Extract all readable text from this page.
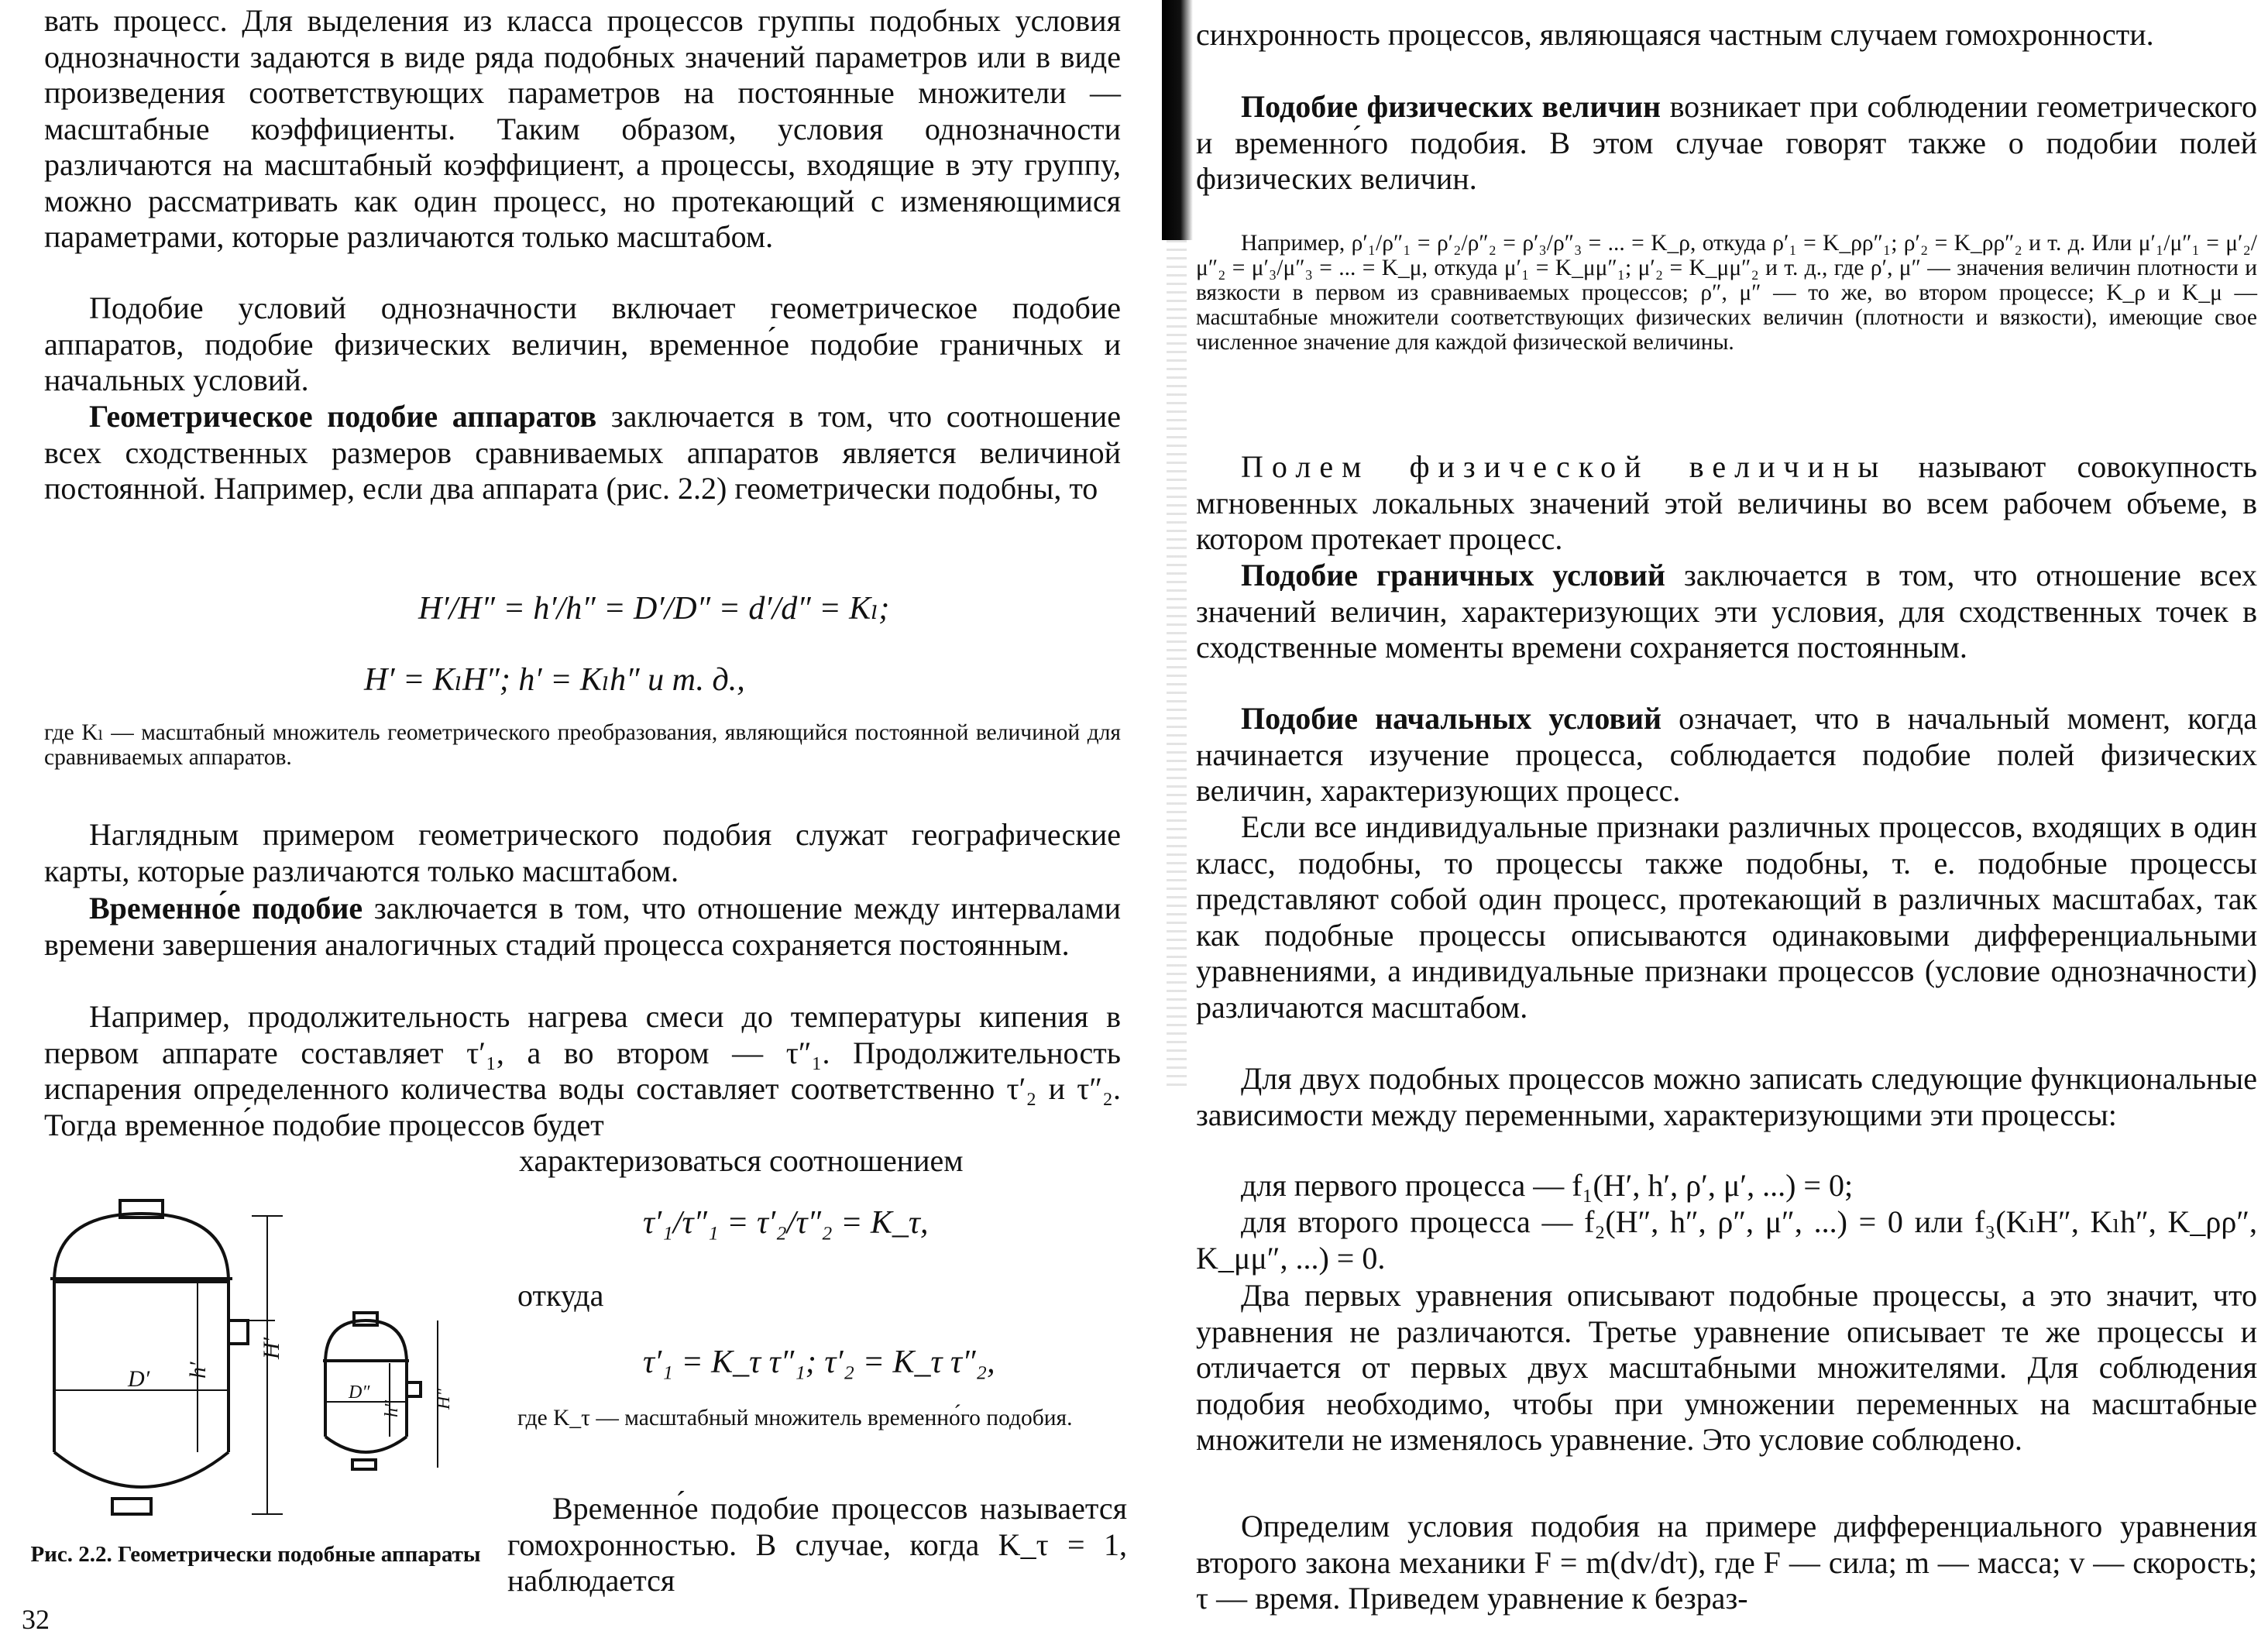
вать процесс. Для выделения из класса процессов группы подобных условия однозначности задаются в виде ряда подобных значений параметров или в виде произведения соответствующих параметров на постоянные множители — масштабные коэффициенты. Таким образом, условия однозначности различаются на масштабный коэффициент, а процессы, входящие в эту группу, можно рассматривать как один процесс, но протекающий с изменяющимися параметрами, которые различаются только масштабом.

Подобие условий однозначности включает геометрическое подобие аппаратов, подобие физических величин, временно́е подобие граничных и начальных условий.

Геометрическое подобие аппаратов заключается в том, что соотношение всех сходственных размеров сравниваемых аппаратов является величиной постоянной. Например, если два аппарата (рис. 2.2) геометрически подобны, то

H′/H″ = h′/h″ = D′/D″ = d′/d″ = Kₗ;
H′ = KₗH″; h′ = Kₗh″ и т. д.,

где Kₗ — масштабный множитель геометрического преобразования, являющийся постоянной величиной для сравниваемых аппаратов.

Наглядным примером геометрического подобия служат географические карты, которые различаются только масштабом.

Временно́е подобие заключается в том, что отношение между интервалами времени завершения аналогичных стадий процесса сохраняется постоянным.

Например, продолжительность нагрева смеси до температуры кипения в первом аппарате составляет τ′₁, а во втором — τ″₁. Продолжительность испарения определенного количества воды составляет соответственно τ′₂ и τ″₂. Тогда временно́е подобие процессов будет

характеризоваться соотношением

τ′₁/τ″₁ = τ′₂/τ″₂ = K_τ,
откуда
τ′₁ = K_τ τ″₁; τ′₂ = K_τ τ″₂,

где K_τ — масштабный множитель временно́го подобия.

Временно́е подобие процессов называется гомохронностью. В случае, когда K_τ = 1, наблюдается

D′ h′
H′
D″
h″ H″
Рис. 2.2. Геометрически подобные аппараты
32

синхронность процессов, являющаяся частным случаем гомохронности.

Подобие физических величин возникает при соблюдении геометрического и временно́го подобия. В этом случае говорят также о подобии полей физических величин.

Например, ρ′₁/ρ″₁ = ρ′₂/ρ″₂ = ρ′₃/ρ″₃ = ... = K_ρ, откуда ρ′₁ = K_ρρ″₁; ρ′₂ = K_ρρ″₂ и т. д. Или μ′₁/μ″₁ = μ′₂/μ″₂ = μ′₃/μ″₃ = ... = K_μ, откуда μ′₁ = K_μμ″₁; μ′₂ = K_μμ″₂ и т. д., где ρ′, μ″ — значения величин плотности и вязкости в первом из сравниваемых процессов; ρ″, μ″ — то же, во втором процессе; K_ρ и K_μ — масштабные множители соответствующих физических величин (плотности и вязкости), имеющие свое численное значение для каждой физической величины.

Полем физической величины называют совокупность мгновенных локальных значений этой величины во всем рабочем объеме, в котором протекает процесс.

Подобие граничных условий заключается в том, что отношение всех значений величин, характеризующих эти условия, для сходственных точек в сходственные моменты времени сохраняется постоянным.

Подобие начальных условий означает, что в начальный момент, когда начинается изучение процесса, соблюдается подобие полей физических величин, характеризующих процесс.

Если все индивидуальные признаки различных процессов, входящих в один класс, подобны, то процессы также подобны, т. е. подобные процессы представляют собой один процесс, протекающий в различных масштабах, так как подобные процессы описываются одинаковыми дифференциальными уравнениями, а индивидуальные признаки процессов (условие однозначности) различаются масштабом.

Для двух подобных процессов можно записать следующие функциональные зависимости между переменными, характеризующими эти процессы:

для первого процесса — f₁(H′, h′, ρ′, μ′, ...) = 0;

для второго процесса — f₂(H″, h″, ρ″, μ″, ...) = 0 или f₃(KₗH″, Kₗh″, K_ρρ″, K_μμ″, ...) = 0.

Два первых уравнения описывают подобные процессы, а это значит, что уравнения не различаются. Третье уравнение описывает те же процессы и отличается от первых двух масштабными множителями. Для соблюдения подобия необходимо, чтобы при умножении переменных на масштабные множители не изменялось уравнение. Это условие соблюдено.

Определим условия подобия на примере дифференциального уравнения второго закона механики F = m(dv/dτ), где F — сила; m — масса; v — скорость; τ — время. Приведем уравнение к безраз-
